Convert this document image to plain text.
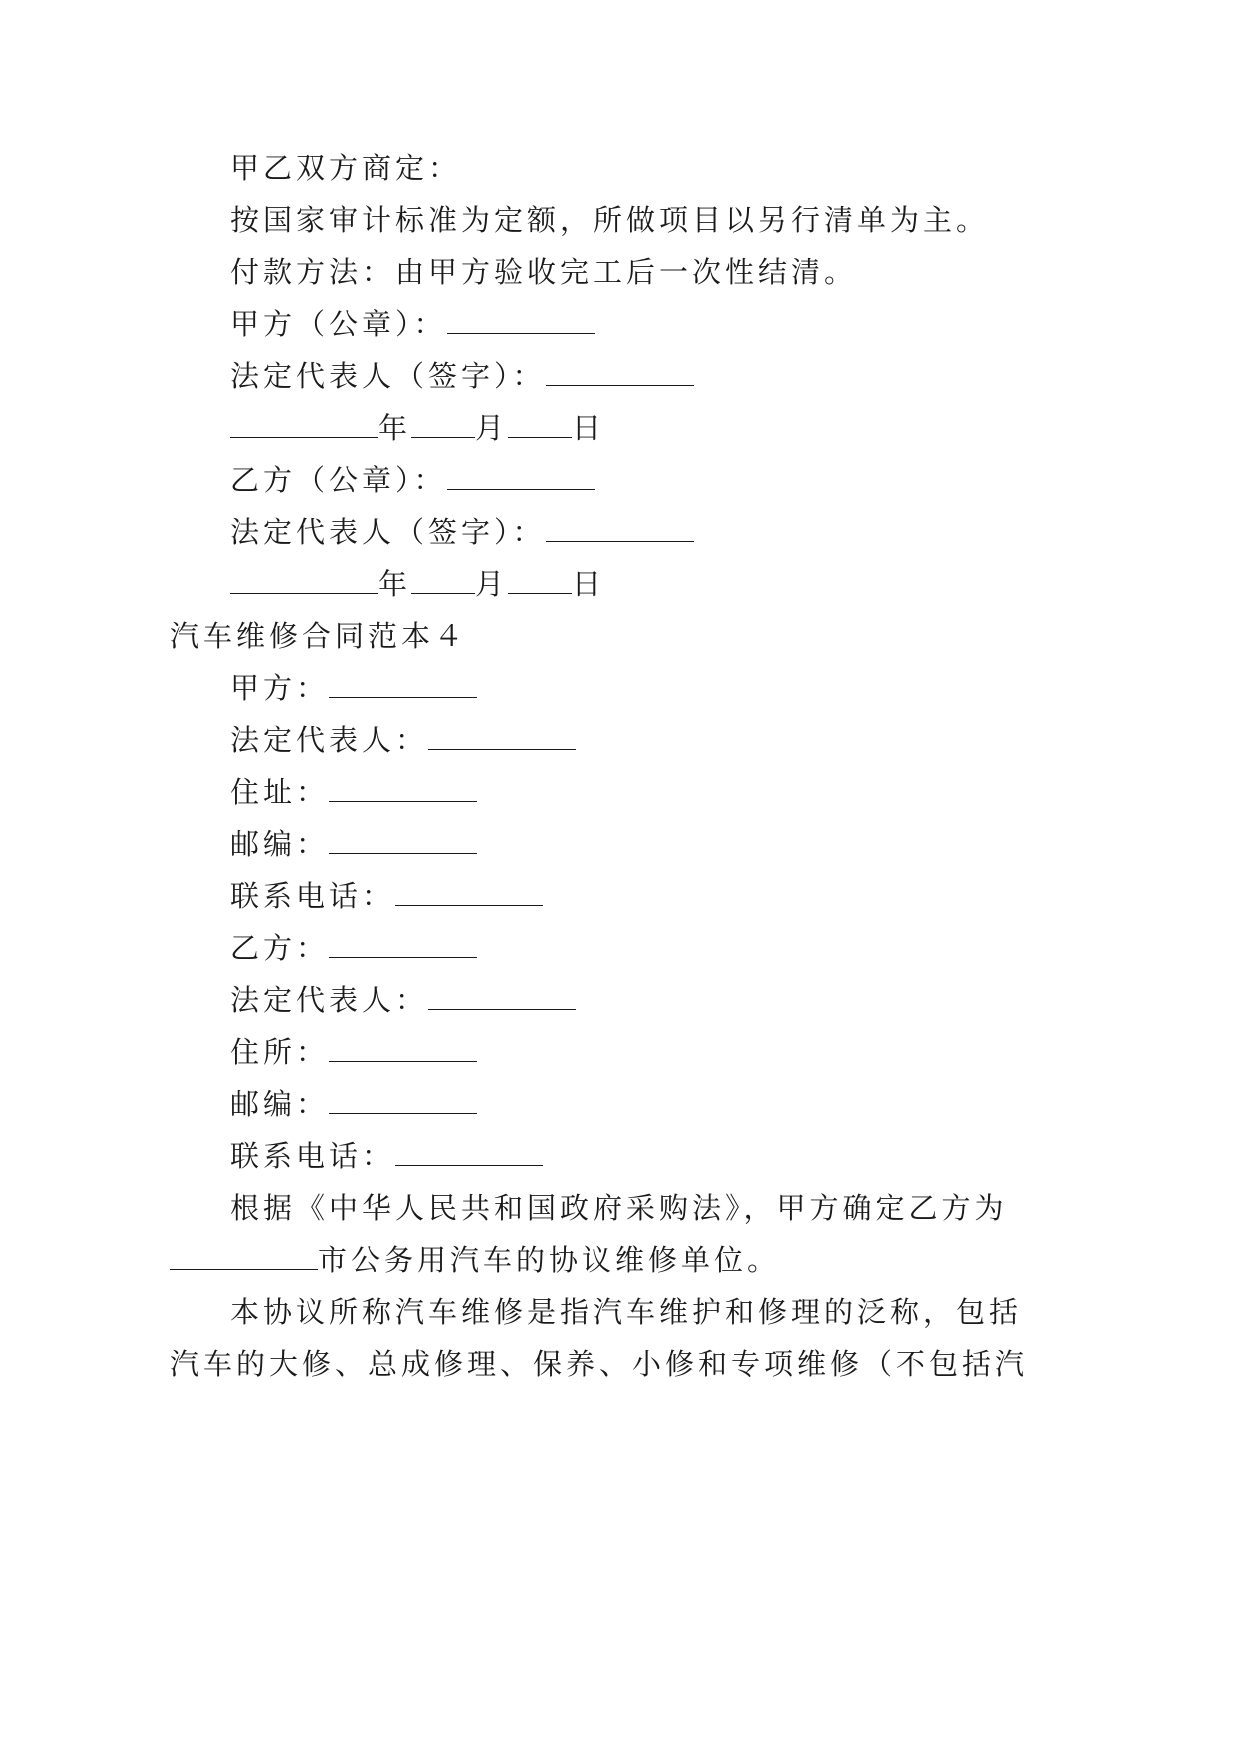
甲乙双方商定：
按国家审计标准为定额，所做项目以另行清单为主。
付款方法：由甲方验收完工后一次性结清。
甲方（公章）：
法定代表人（签字）：
年 月 日
乙方（公章）：
法定代表人（签字）：
年 月 日
汽车维修合同范本４
甲方：
法定代表人：
住址：
邮编：
联系电话：
乙方：
法定代表人：
住所：
邮编：
联系电话：
根据《中华人民共和国政府采购法》，甲方确定乙方为
市公务用汽车的协议维修单位。
本协议所称汽车维修是指汽车维护和修理的泛称，包括
汽车的大修、总成修理、保养、小修和专项维修（不包括汽
